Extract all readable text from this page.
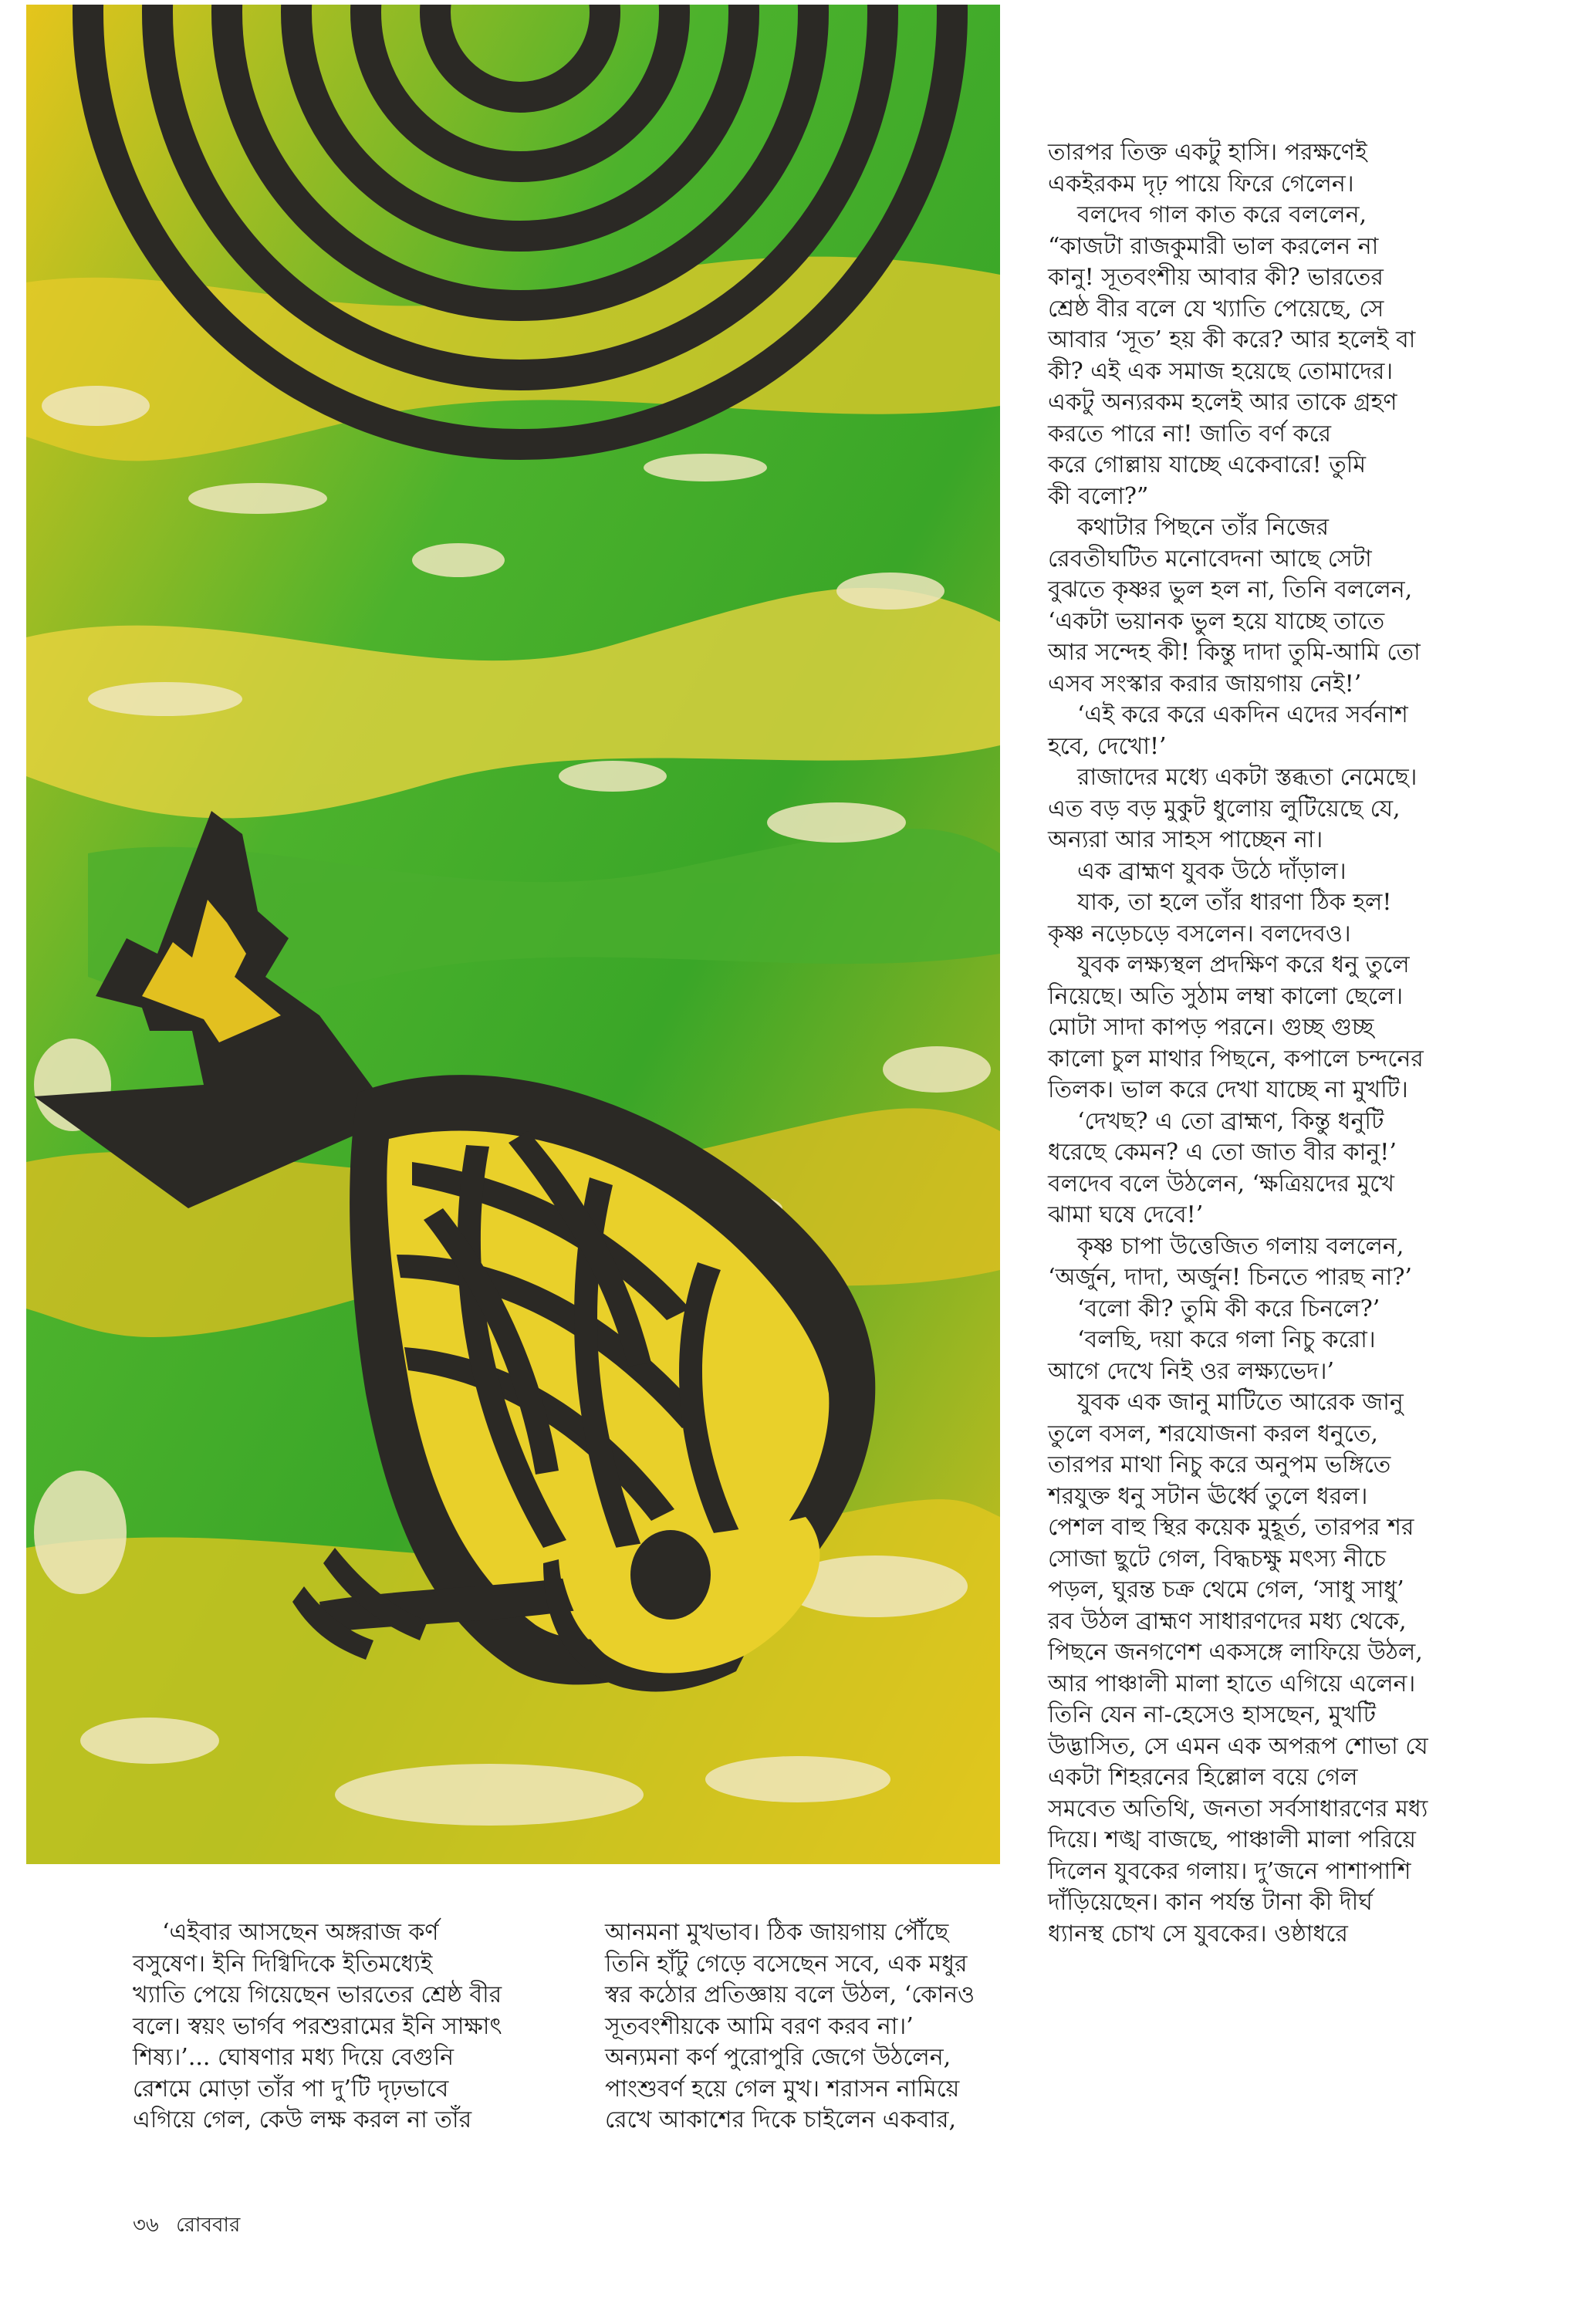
তারপর তিক্ত একটু হাসি। পরক্ষণেই

একইরকম দৃঢ় পায়ে ফিরে গেলেন।

বলদেব গাল কাত করে বললেন,

“কাজটা রাজকুমারী ভাল করলেন না

কানু! সূতবংশীয় আবার কী? ভারতের

শ্রেষ্ঠ বীর বলে যে খ্যাতি পেয়েছে, সে

আবার ‘সূত’ হয় কী করে? আর হলেই বা

কী? এই এক সমাজ হয়েছে তোমাদের।

একটু অন্যরকম হলেই আর তাকে গ্রহণ

করতে পারে না! জাতি বর্ণ করে

করে গোল্লায় যাচ্ছে একেবারে! তুমি

কী বলো?”

কথাটার পিছনে তাঁর নিজের

রেবতীঘটিত মনোবেদনা আছে সেটা

বুঝতে কৃষ্ণর ভুল হল না, তিনি বললেন,

‘একটা ভয়ানক ভুল হয়ে যাচ্ছে তাতে

আর সন্দেহ কী! কিন্তু দাদা তুমি-আমি তো

এসব সংস্কার করার জায়গায় নেই!’

‘এই করে করে একদিন এদের সর্বনাশ

হবে, দেখো!’

রাজাদের মধ্যে একটা স্তব্ধতা নেমেছে।

এত বড় বড় মুকুট ধুলোয় লুটিয়েছে যে,

অন্যরা আর সাহস পাচ্ছেন না।

এক ব্রাহ্মণ যুবক উঠে দাঁড়াল।

যাক, তা হলে তাঁর ধারণা ঠিক হল!

কৃষ্ণ নড়েচড়ে বসলেন। বলদেবও।

যুবক লক্ষ্যস্থল প্রদক্ষিণ করে ধনু তুলে

নিয়েছে। অতি সুঠাম লম্বা কালো ছেলে।

মোটা সাদা কাপড় পরনে। গুচ্ছ গুচ্ছ

কালো চুল মাথার পিছনে, কপালে চন্দনের

তিলক। ভাল করে দেখা যাচ্ছে না মুখটি।

‘দেখছ? এ তো ব্রাহ্মণ, কিন্তু ধনুটি

ধরেছে কেমন? এ তো জাত বীর কানু!’

বলদেব বলে উঠলেন, ‘ক্ষত্রিয়দের মুখে

ঝামা ঘষে দেবে!’

কৃষ্ণ চাপা উত্তেজিত গলায় বললেন,

‘অর্জুন, দাদা, অর্জুন! চিনতে পারছ না?’

‘বলো কী? তুমি কী করে চিনলে?’

‘বলছি, দয়া করে গলা নিচু করো।

আগে দেখে নিই ওর লক্ষ্যভেদ।’

যুবক এক জানু মাটিতে আরেক জানু

তুলে বসল, শরযোজনা করল ধনুতে,

তারপর মাথা নিচু করে অনুপম ভঙ্গিতে

শরযুক্ত ধনু সটান ঊর্ধ্বে তুলে ধরল।

পেশল বাহু স্থির কয়েক মুহূর্ত, তারপর শর

সোজা ছুটে গেল, বিদ্ধচক্ষু মৎস্য নীচে

পড়ল, ঘুরন্ত চক্র থেমে গেল, ‘সাধু সাধু’

রব উঠল ব্রাহ্মণ সাধারণদের মধ্য থেকে,

পিছনে জনগণেশ একসঙ্গে লাফিয়ে উঠল,

আর পাঞ্চালী মালা হাতে এগিয়ে এলেন।

তিনি যেন না-হেসেও হাসছেন, মুখটি

উদ্ভাসিত, সে এমন এক অপরূপ শোভা যে

একটা শিহরনের হিল্লোল বয়ে গেল

সমবেত অতিথি, জনতা সর্বসাধারণের মধ্য

দিয়ে। শঙ্খ বাজছে, পাঞ্চালী মালা পরিয়ে

দিলেন যুবকের গলায়। দু’জনে পাশাপাশি

দাঁড়িয়েছেন। কান পর্যন্ত টানা কী দীর্ঘ

ধ্যানস্থ চোখ সে যুবকের। ওষ্ঠাধরে

‘এইবার আসছেন অঙ্গরাজ কর্ণ

বসুষেণ। ইনি দিগ্বিদিকে ইতিমধ্যেই

খ্যাতি পেয়ে গিয়েছেন ভারতের শ্রেষ্ঠ বীর

বলে। স্বয়ং ভার্গব পরশুরামের ইনি সাক্ষাৎ

শিষ্য।’... ঘোষণার মধ্য দিয়ে বেগুনি

রেশমে মোড়া তাঁর পা দু’টি দৃঢ়ভাবে

এগিয়ে গেল, কেউ লক্ষ করল না তাঁর

আনমনা মুখভাব। ঠিক জায়গায় পৌঁছে

তিনি হাঁটু গেড়ে বসেছেন সবে, এক মধুর

স্বর কঠোর প্রতিজ্ঞায় বলে উঠল, ‘কোনও

সূতবংশীয়কে আমি বরণ করব না।’

অন্যমনা কর্ণ পুরোপুরি জেগে উঠলেন,

পাংশুবর্ণ হয়ে গেল মুখ। শরাসন নামিয়ে

রেখে আকাশের দিকে চাইলেন একবার,

৩৬ রোববার
